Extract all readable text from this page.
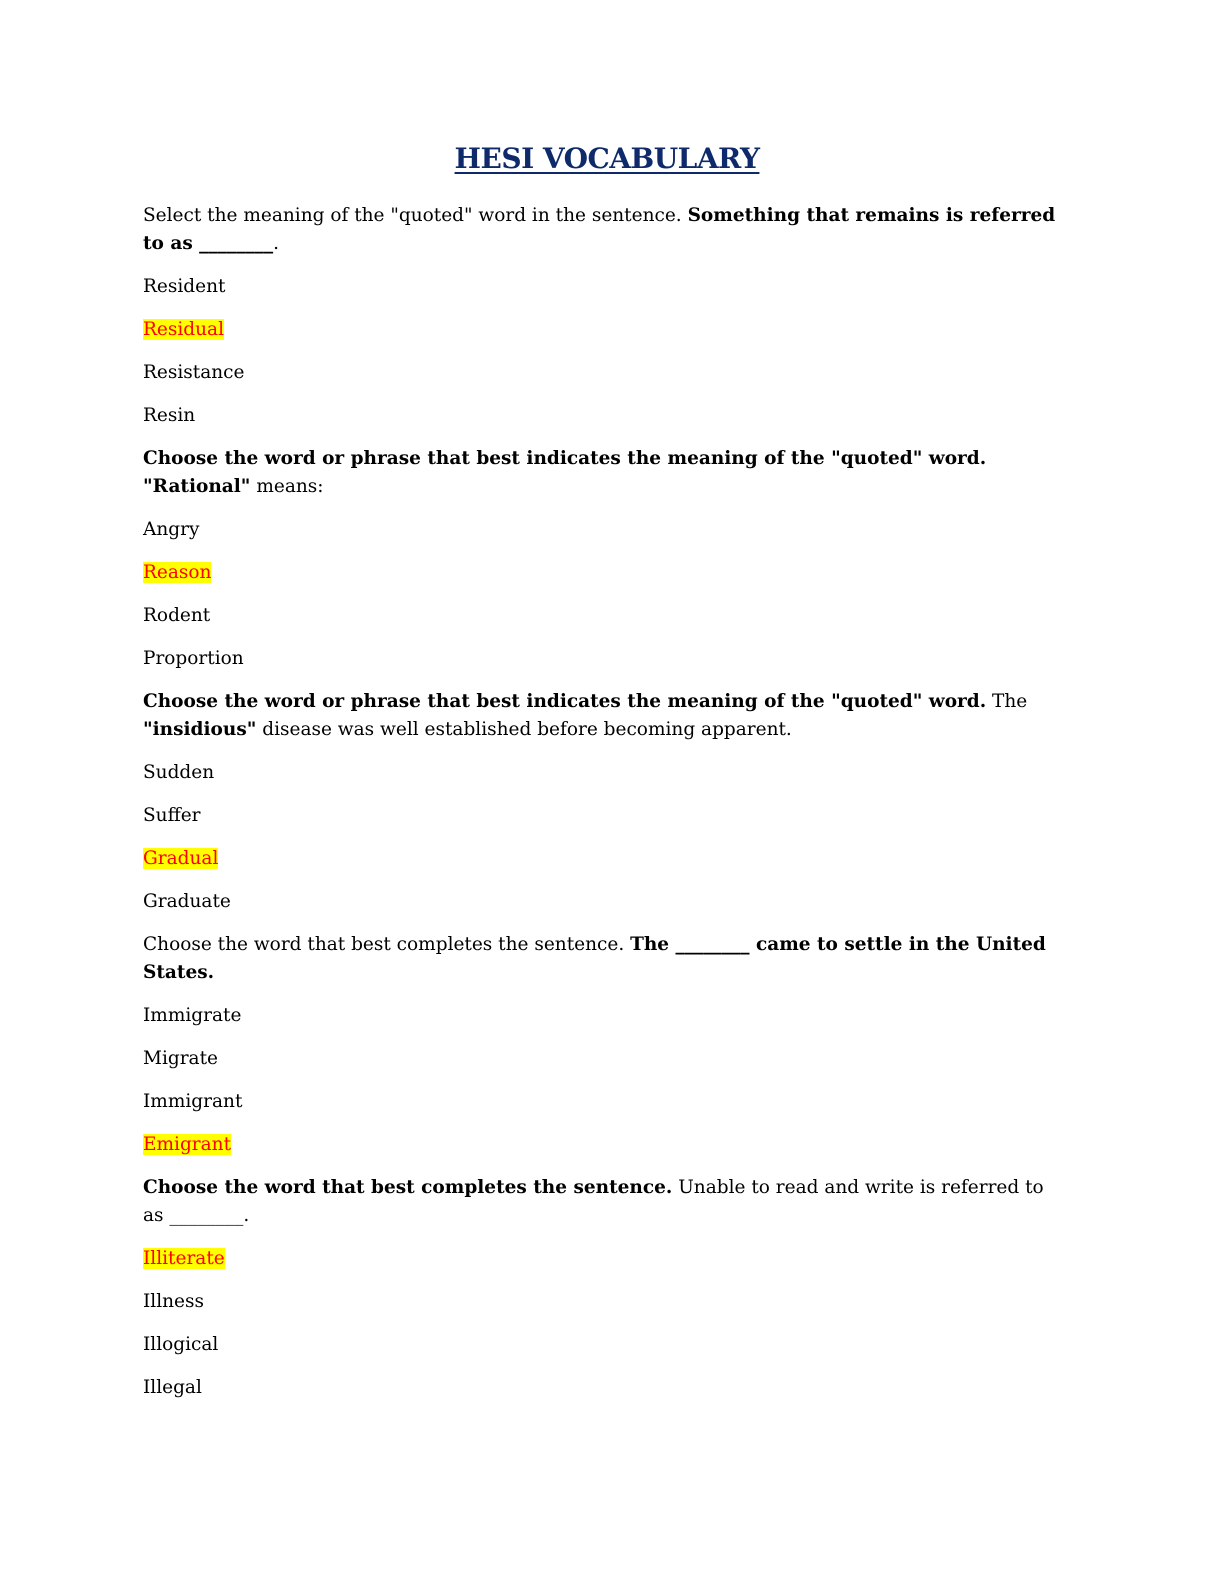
HESI VOCABULARY

Select the meaning of the "quoted" word in the sentence. Something that remains is referred to as ________.

Resident
Residual
Resistance
Resin

Choose the word or phrase that best indicates the meaning of the "quoted" word. "Rational" means:

Angry
Reason
Rodent
Proportion

Choose the word or phrase that best indicates the meaning of the "quoted" word. The "insidious" disease was well established before becoming apparent.

Sudden
Suffer
Gradual
Graduate

Choose the word that best completes the sentence. The ________ came to settle in the United States.

Immigrate
Migrate
Immigrant
Emigrant

Choose the word that best completes the sentence. Unable to read and write is referred to as ________.

Illiterate
Illness
Illogical
Illegal
